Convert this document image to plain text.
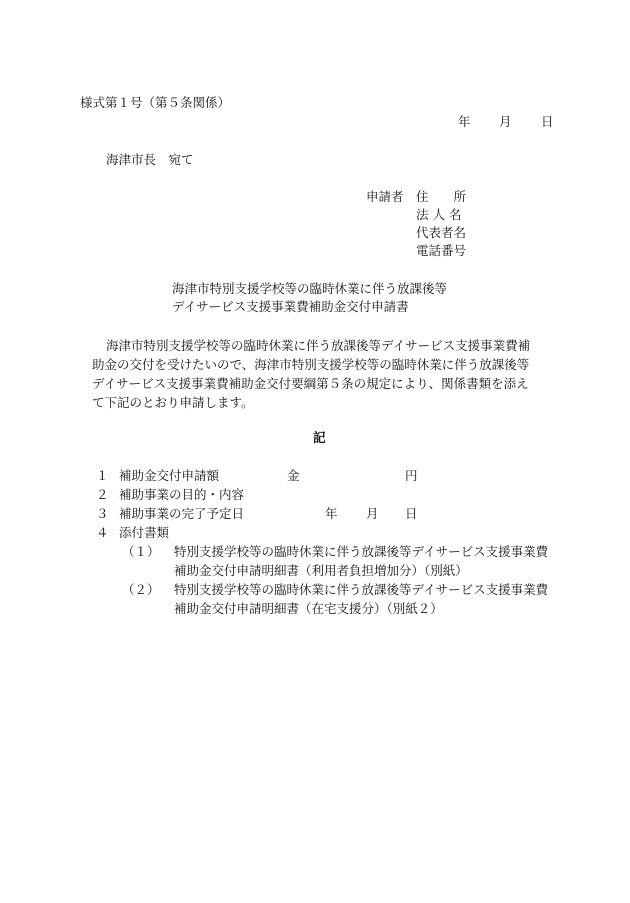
様式第１号（第５条関係）
年 月 日
海津市長　宛て
申請者 住　　所
法 人 名
代表者名
電話番号
海津市特別支援学校等の臨時休業に伴う放課後等
デイサービス支援事業費補助金交付申請書
海津市特別支援学校等の臨時休業に伴う放課後等デイサービス支援事業費補
助金の交付を受けたいので、海津市特別支援学校等の臨時休業に伴う放課後等
デイサービス支援事業費補助金交付要綱第５条の規定により、関係書類を添え
て下記のとおり申請します。
記
１ 補助金交付申請額	金	円
２ 補助事業の目的・内容
３ 補助事業の完了予定日	年 月 日
４ 添付書類
（１） 特別支援学校等の臨時休業に伴う放課後等デイサービス支援事業費
補助金交付申請明細書（利用者負担増加分）（別紙）
（２） 特別支援学校等の臨時休業に伴う放課後等デイサービス支援事業費
補助金交付申請明細書（在宅支援分）（別紙２）
